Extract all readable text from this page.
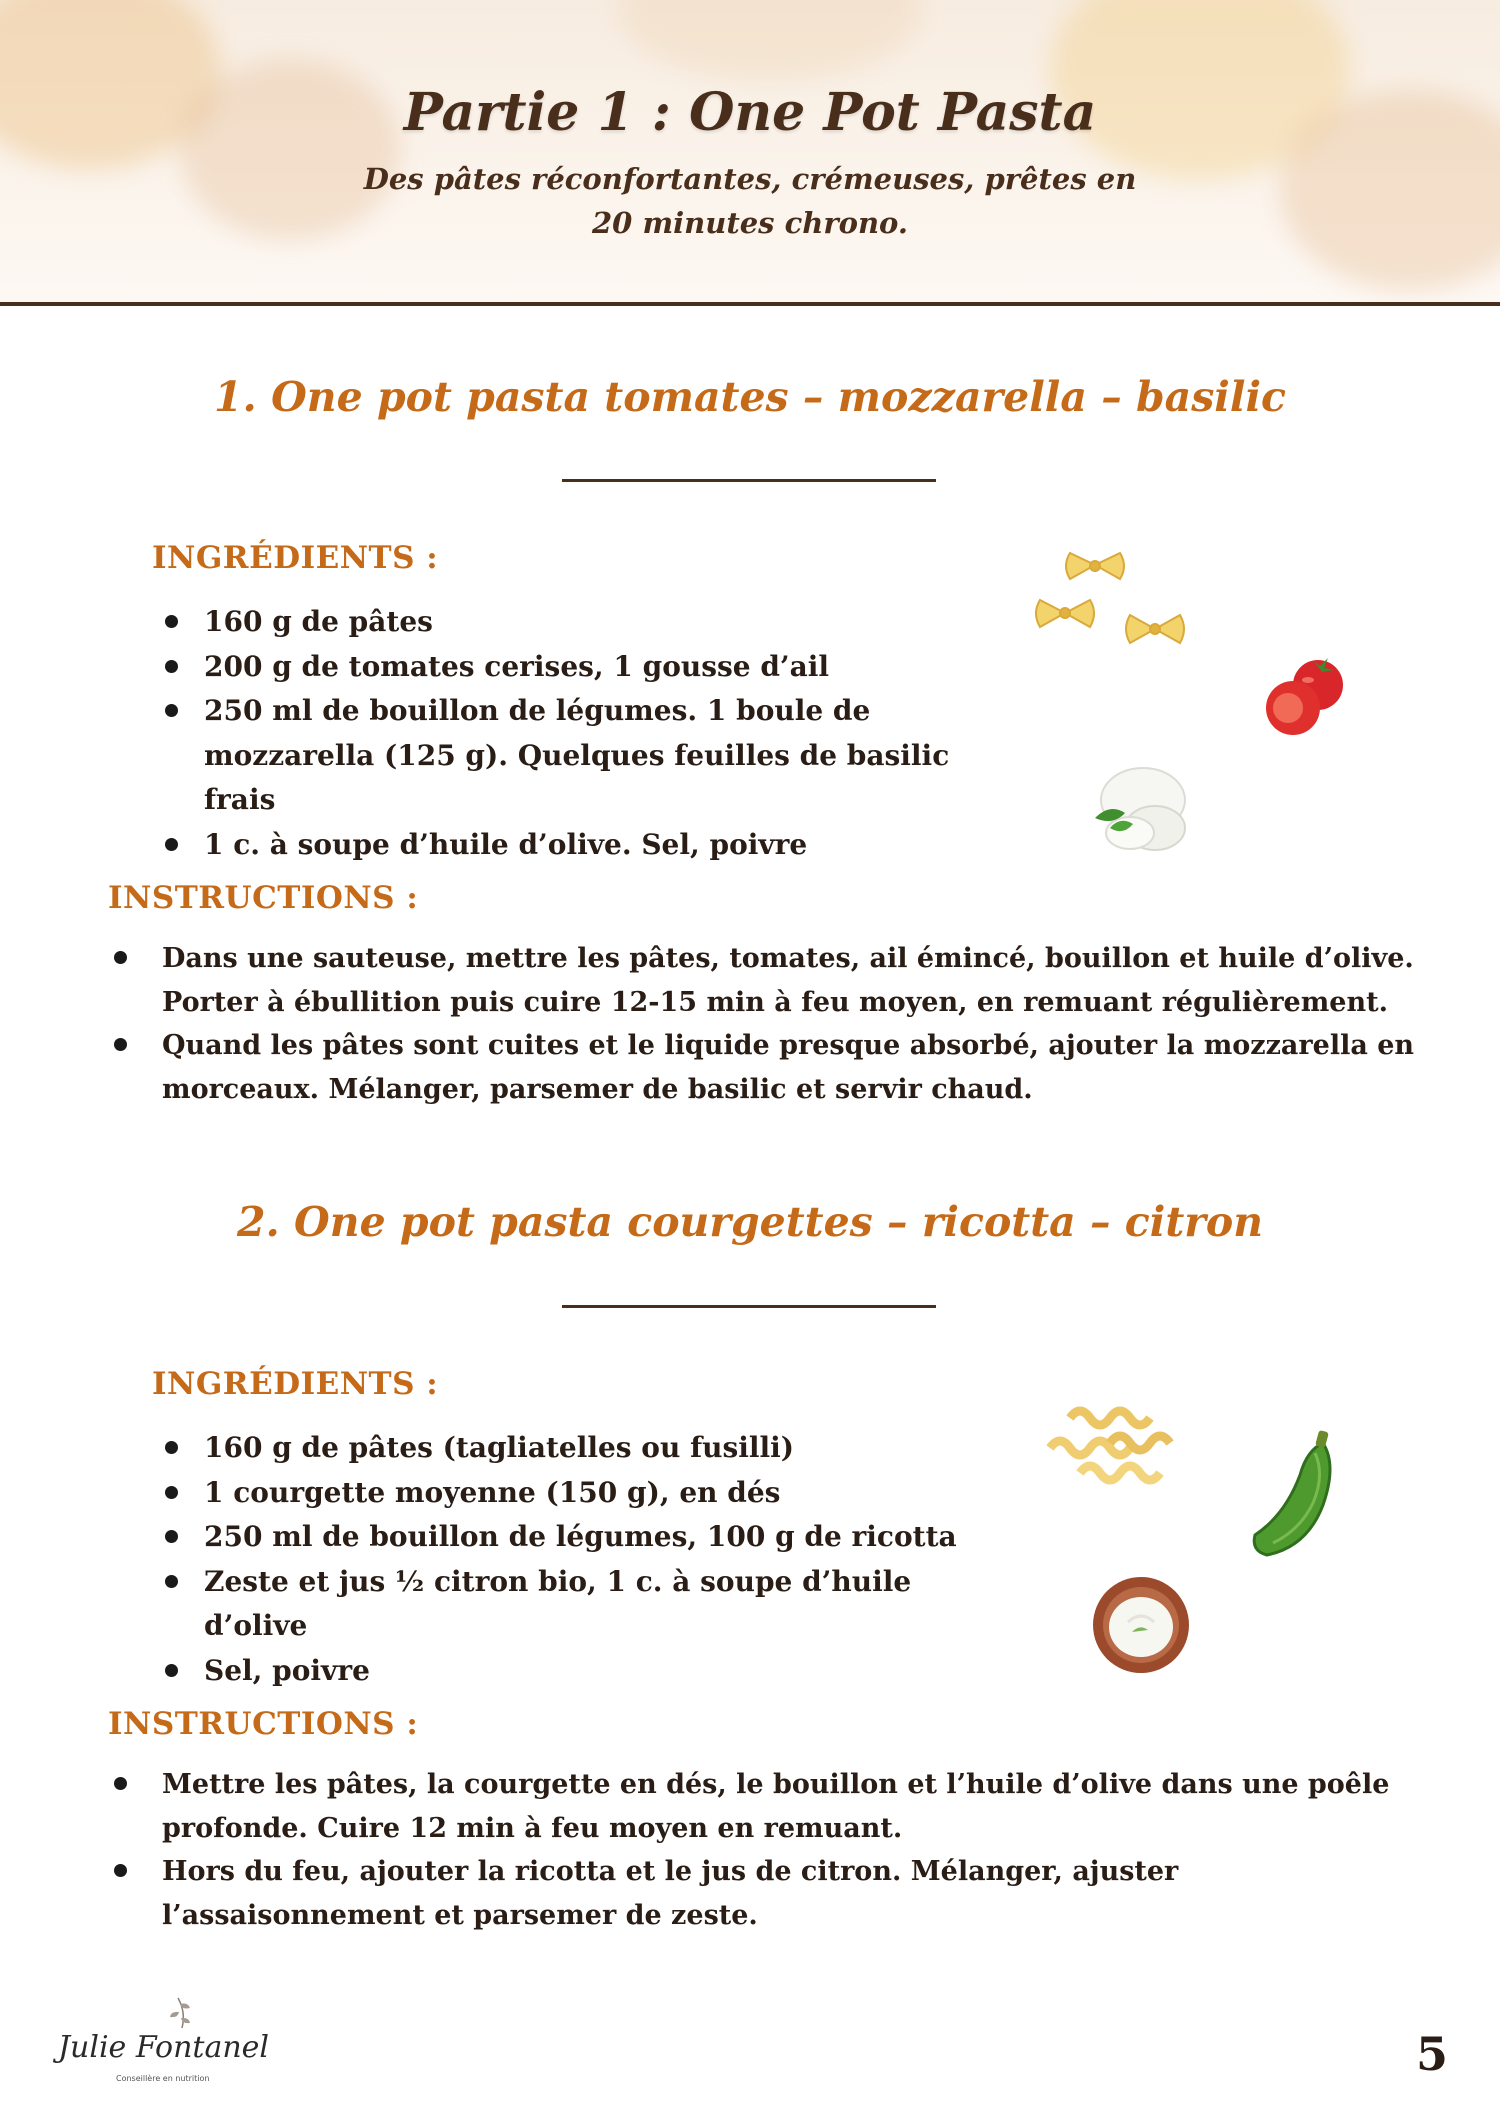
Partie 1 : One Pot Pasta
Des pâtes réconfortantes, crémeuses, prêtes en 20 minutes chrono.
1. One pot pasta tomates – mozzarella – basilic
INGRÉDIENTS :
160 g de pâtes
200 g de tomates cerises, 1 gousse d’ail
250 ml de bouillon de légumes. 1 boule de mozzarella (125 g). Quelques feuilles de basilic frais
1 c. à soupe d’huile d’olive. Sel, poivre
INSTRUCTIONS :
Dans une sauteuse, mettre les pâtes, tomates, ail émincé, bouillon et huile d’olive. Porter à ébullition puis cuire 12-15 min à feu moyen, en remuant régulièrement.
Quand les pâtes sont cuites et le liquide presque absorbé, ajouter la mozzarella en morceaux. Mélanger, parsemer de basilic et servir chaud.
2. One pot pasta courgettes – ricotta – citron
INGRÉDIENTS :
160 g de pâtes (tagliatelles ou fusilli)
1 courgette moyenne (150 g), en dés
250 ml de bouillon de légumes, 100 g de ricotta
Zeste et jus ½ citron bio, 1 c. à soupe d’huile d’olive
Sel, poivre
INSTRUCTIONS :
Mettre les pâtes, la courgette en dés, le bouillon et l’huile d’olive dans une poêle profonde. Cuire 12 min à feu moyen en remuant.
Hors du feu, ajouter la ricotta et le jus de citron. Mélanger, ajuster l’assaisonnement et parsemer de zeste.
Julie Fontanel
Conseillère en nutrition	5
